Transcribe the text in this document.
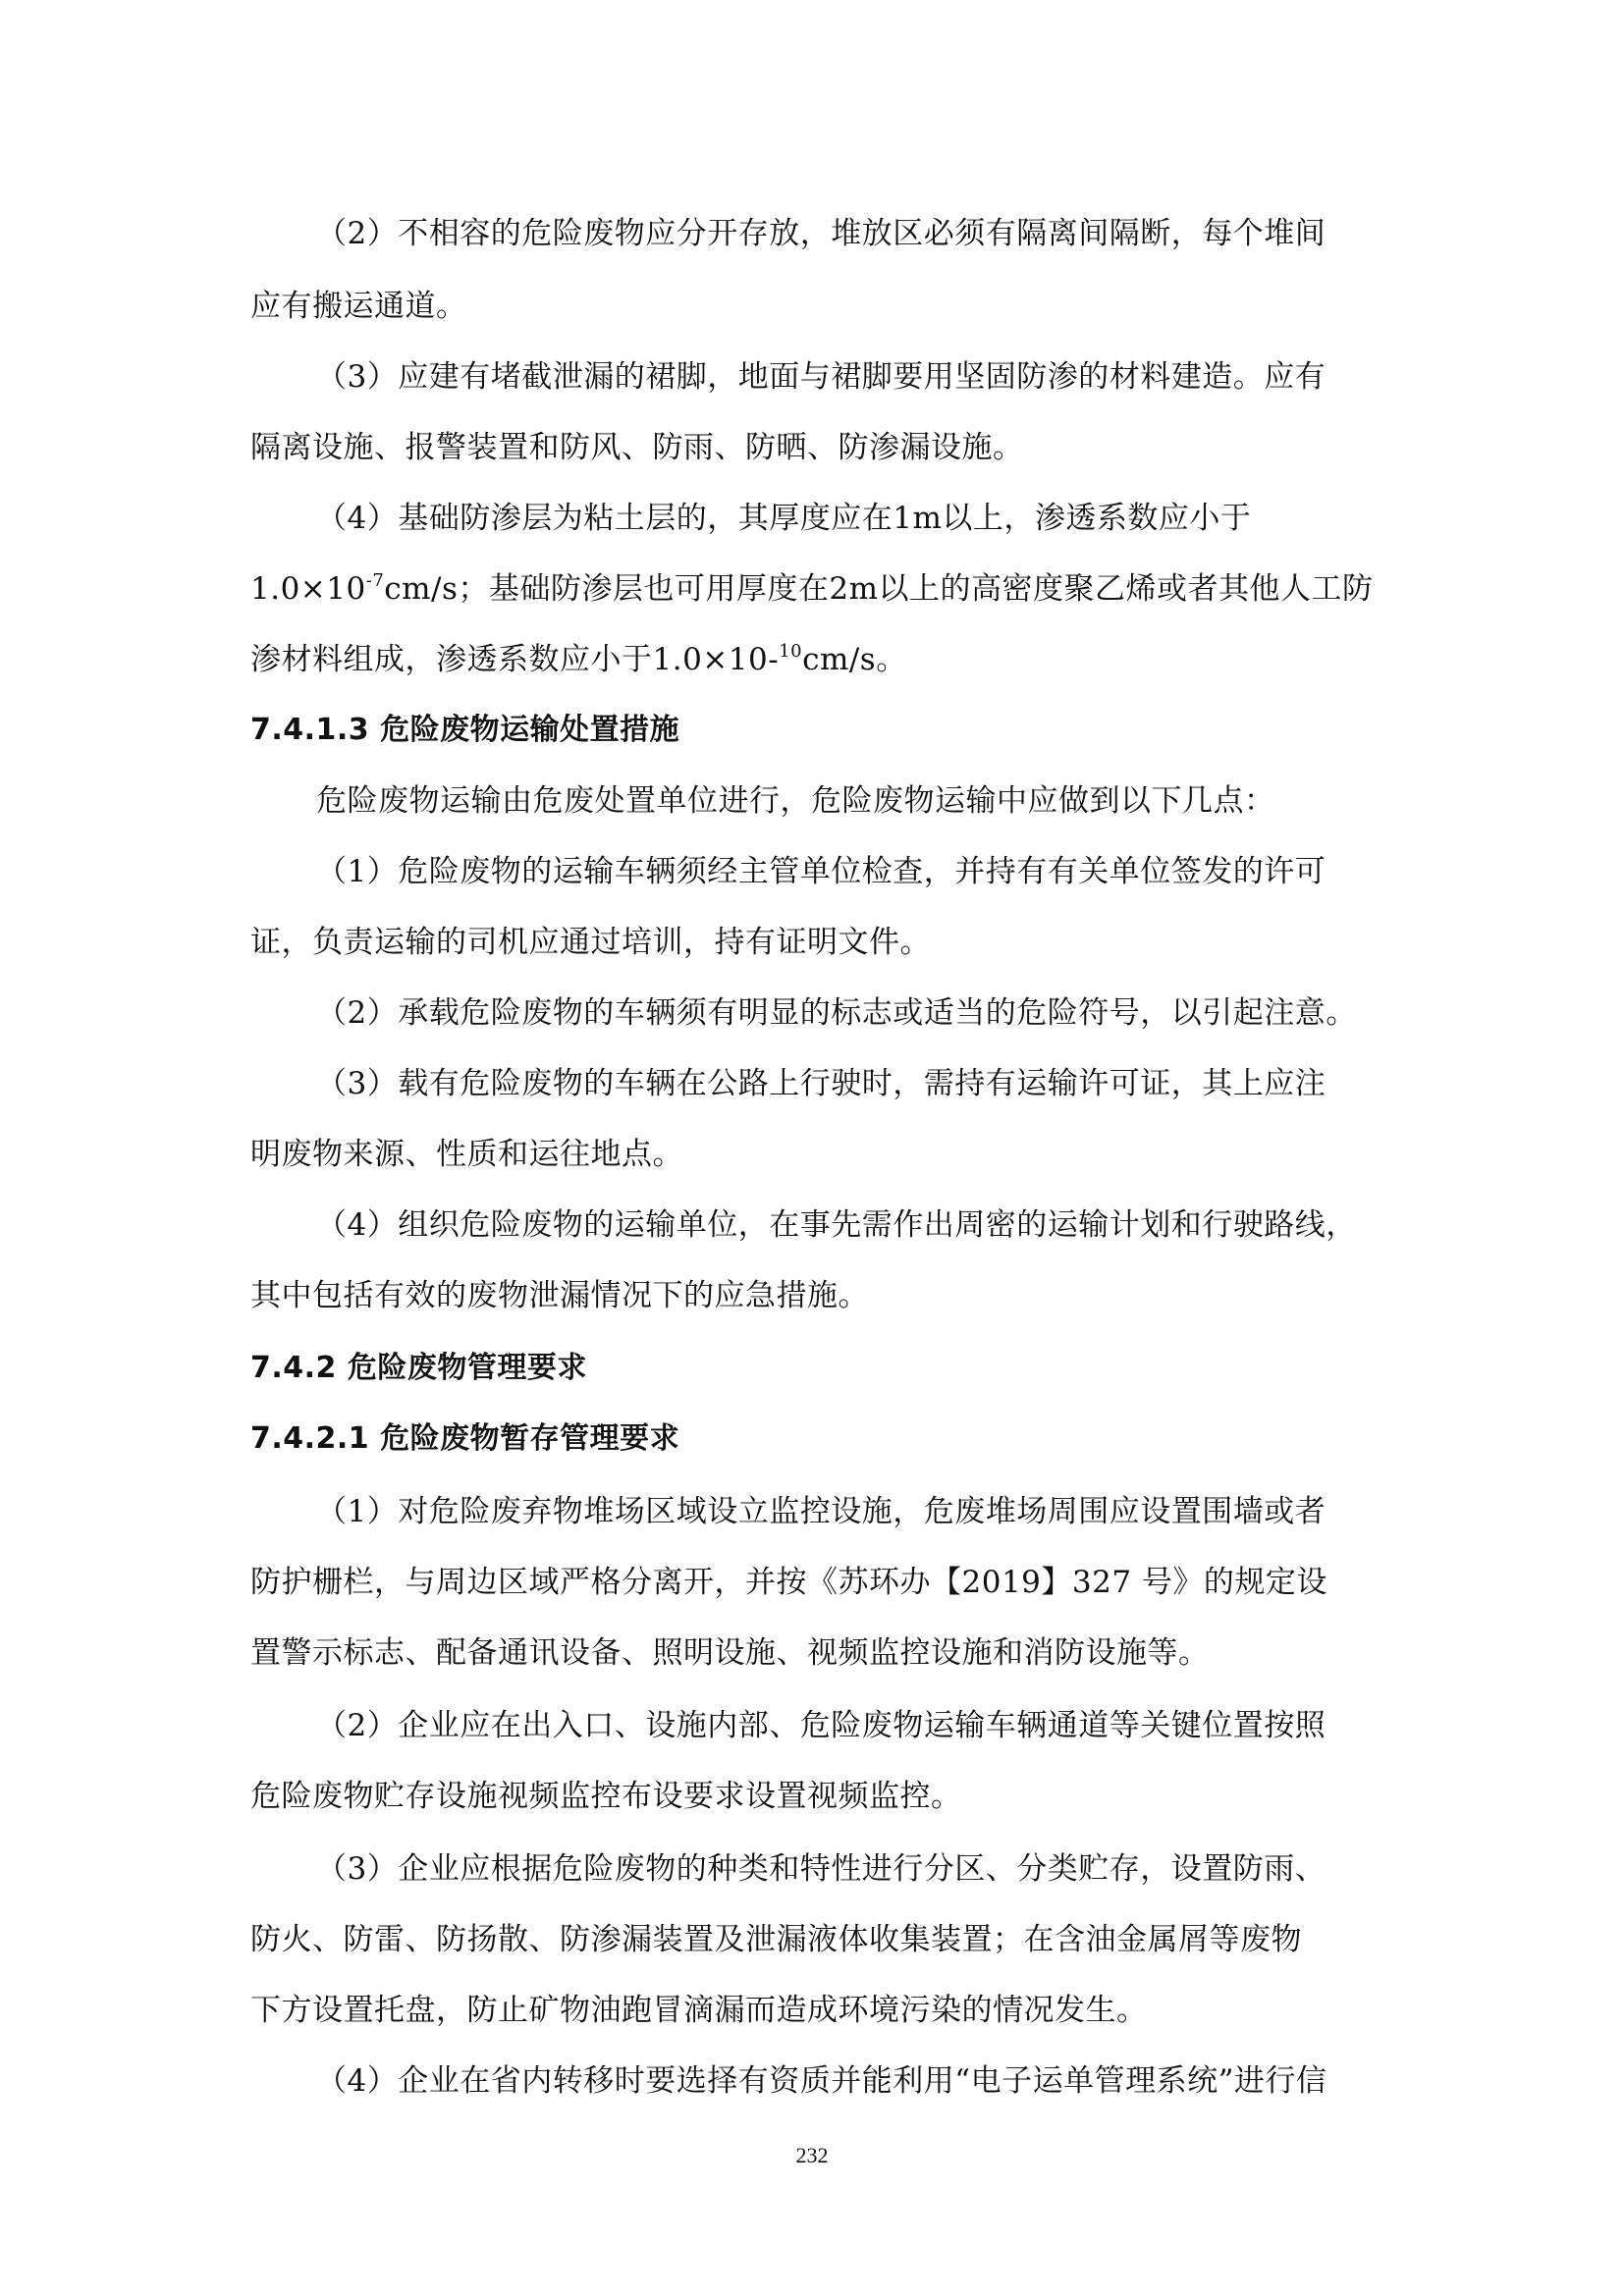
（2）不相容的危险废物应分开存放，堆放区必须有隔离间隔断，每个堆间
应有搬运通道。
（3）应建有堵截泄漏的裙脚，地面与裙脚要用坚固防渗的材料建造。应有
隔离设施、报警装置和防风、防雨、防晒、防渗漏设施。
（4）基础防渗层为粘土层的，其厚度应在1m以上，渗透系数应小于
$1.0\times 10^{-7}cm/s$；基础防渗层也可用厚度在2m以上的高密度聚乙烯或者其他人工防
渗材料组成，渗透系数应小于1.0×10-$^{10}$cm/s。
7.4.1.3 危险废物运输处置措施
危险废物运输由危废处置单位进行，危险废物运输中应做到以下几点：
（1）危险废物的运输车辆须经主管单位检查，并持有有关单位签发的许可
证，负责运输的司机应通过培训，持有证明文件。
（2）承载危险废物的车辆须有明显的标志或适当的危险符号，以引起注意。
（3）载有危险废物的车辆在公路上行驶时，需持有运输许可证，其上应注
明废物来源、性质和运往地点。
（4）组织危险废物的运输单位，在事先需作出周密的运输计划和行驶路线，
其中包括有效的废物泄漏情况下的应急措施。
7.4.2 危险废物管理要求
7.4.2.1 危险废物暂存管理要求
（1）对危险废弃物堆场区域设立监控设施，危废堆场周围应设置围墙或者
防护栅栏，与周边区域严格分离开，并按《苏环办【2019】327 号》的规定设
置警示标志、配备通讯设备、照明设施、视频监控设施和消防设施等。
（2）企业应在出入口、设施内部、危险废物运输车辆通道等关键位置按照
危险废物贮存设施视频监控布设要求设置视频监控。
（3）企业应根据危险废物的种类和特性进行分区、分类贮存，设置防雨、
防火、防雷、防扬散、防渗漏装置及泄漏液体收集装置；在含油金属屑等废物
下方设置托盘，防止矿物油跑冒滴漏而造成环境污染的情况发生。
（4）企业在省内转移时要选择有资质并能利用“电子运单管理系统”进行信
232
